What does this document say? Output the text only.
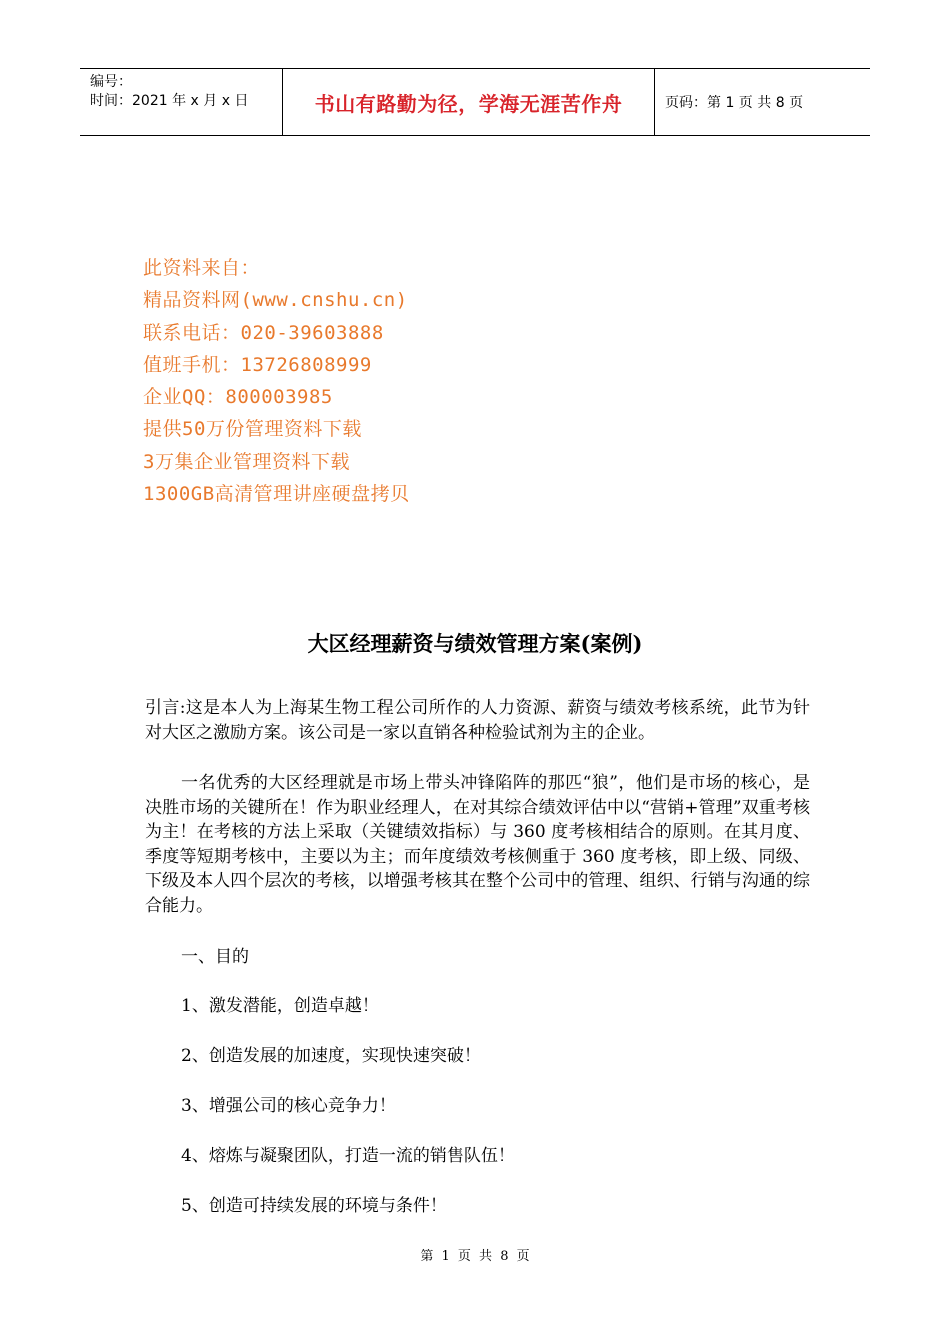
编号：
时间：2021 年 x 月 x 日	书山有路勤为径，学海无涯苦作舟	页码：第 1 页 共 8 页
此资料来自：
精品资料网(www.cnshu.cn)
联系电话：020-39603888
值班手机：13726808999
企业QQ：800003985
提供50万份管理资料下载
3万集企业管理资料下载
1300GB高清管理讲座硬盘拷贝
大区经理薪资与绩效管理方案(案例)
引言:这是本人为上海某生物工程公司所作的人力资源、薪资与绩效考核系统，此节为针对大区之激励方案。该公司是一家以直销各种检验试剂为主的企业。
一名优秀的大区经理就是市场上带头冲锋陷阵的那匹“狼”，他们是市场的核心，是决胜市场的关键所在！作为职业经理人，在对其综合绩效评估中以“营销+管理”双重考核为主！在考核的方法上采取（关键绩效指标）与 360 度考核相结合的原则。在其月度、季度等短期考核中，主要以为主；而年度绩效考核侧重于 360 度考核，即上级、同级、下级及本人四个层次的考核，以增强考核其在整个公司中的管理、组织、行销与沟通的综合能力。
一、目的
1、激发潜能，创造卓越！
2、创造发展的加速度，实现快速突破！
3、增强公司的核心竞争力！
4、熔炼与凝聚团队，打造一流的销售队伍！
5、创造可持续发展的环境与条件！
第 1 页 共 8 页
